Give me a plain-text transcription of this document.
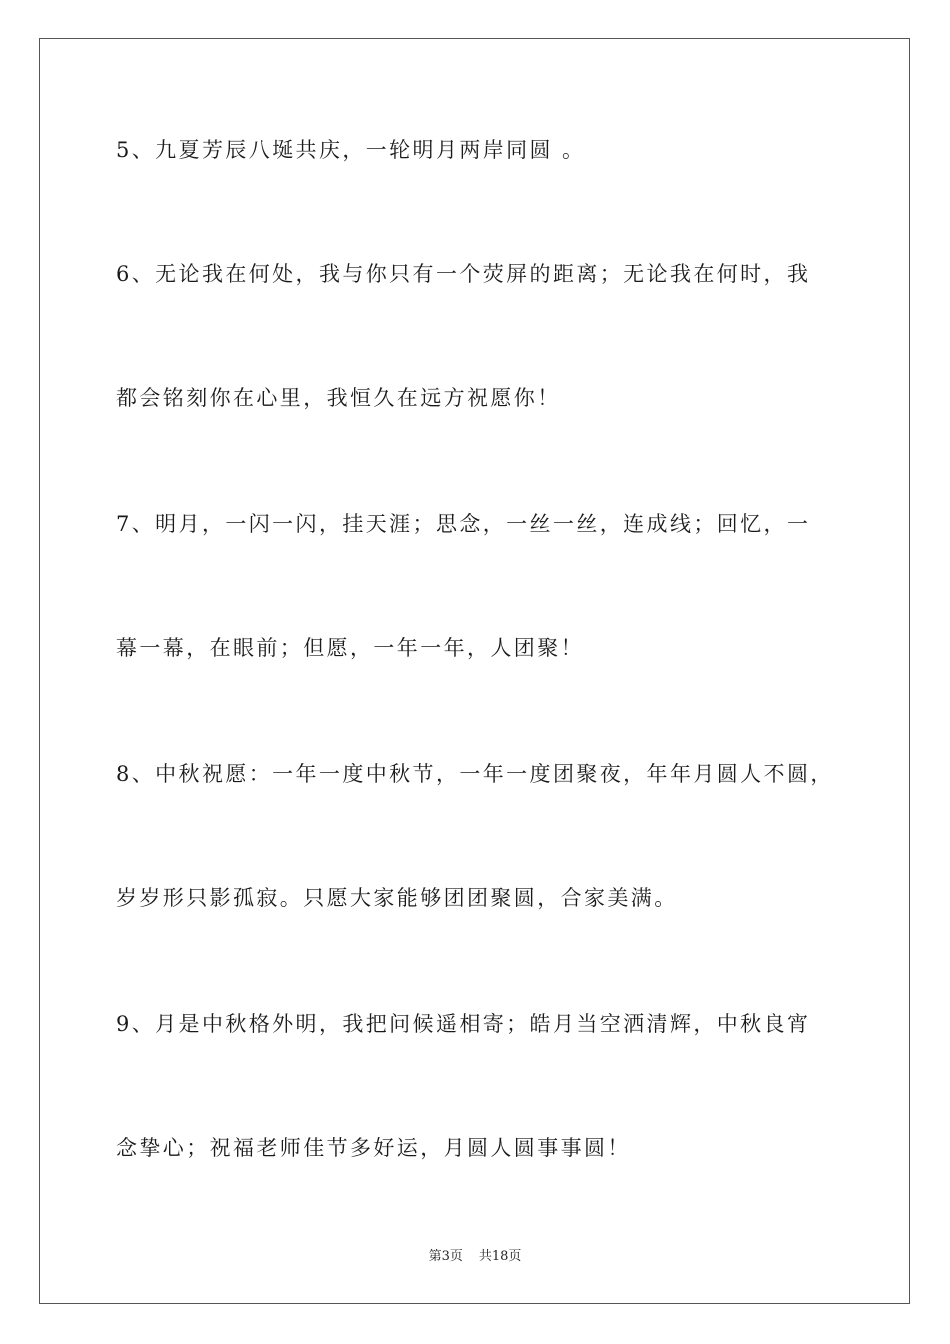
5、九夏芳辰八埏共庆，一轮明月两岸同圆 。
6、无论我在何处，我与你只有一个荧屏的距离；无论我在何时，我
都会铭刻你在心里，我恒久在远方祝愿你！
7、明月，一闪一闪，挂天涯；思念，一丝一丝，连成线；回忆，一
幕一幕，在眼前；但愿，一年一年，人团聚！
8、中秋祝愿：一年一度中秋节，一年一度团聚夜，年年月圆人不圆，
岁岁形只影孤寂。只愿大家能够团团聚圆，合家美满。
9、月是中秋格外明，我把问候遥相寄；皓月当空洒清辉，中秋良宵
念挚心；祝福老师佳节多好运，月圆人圆事事圆！
第3页 共18页
